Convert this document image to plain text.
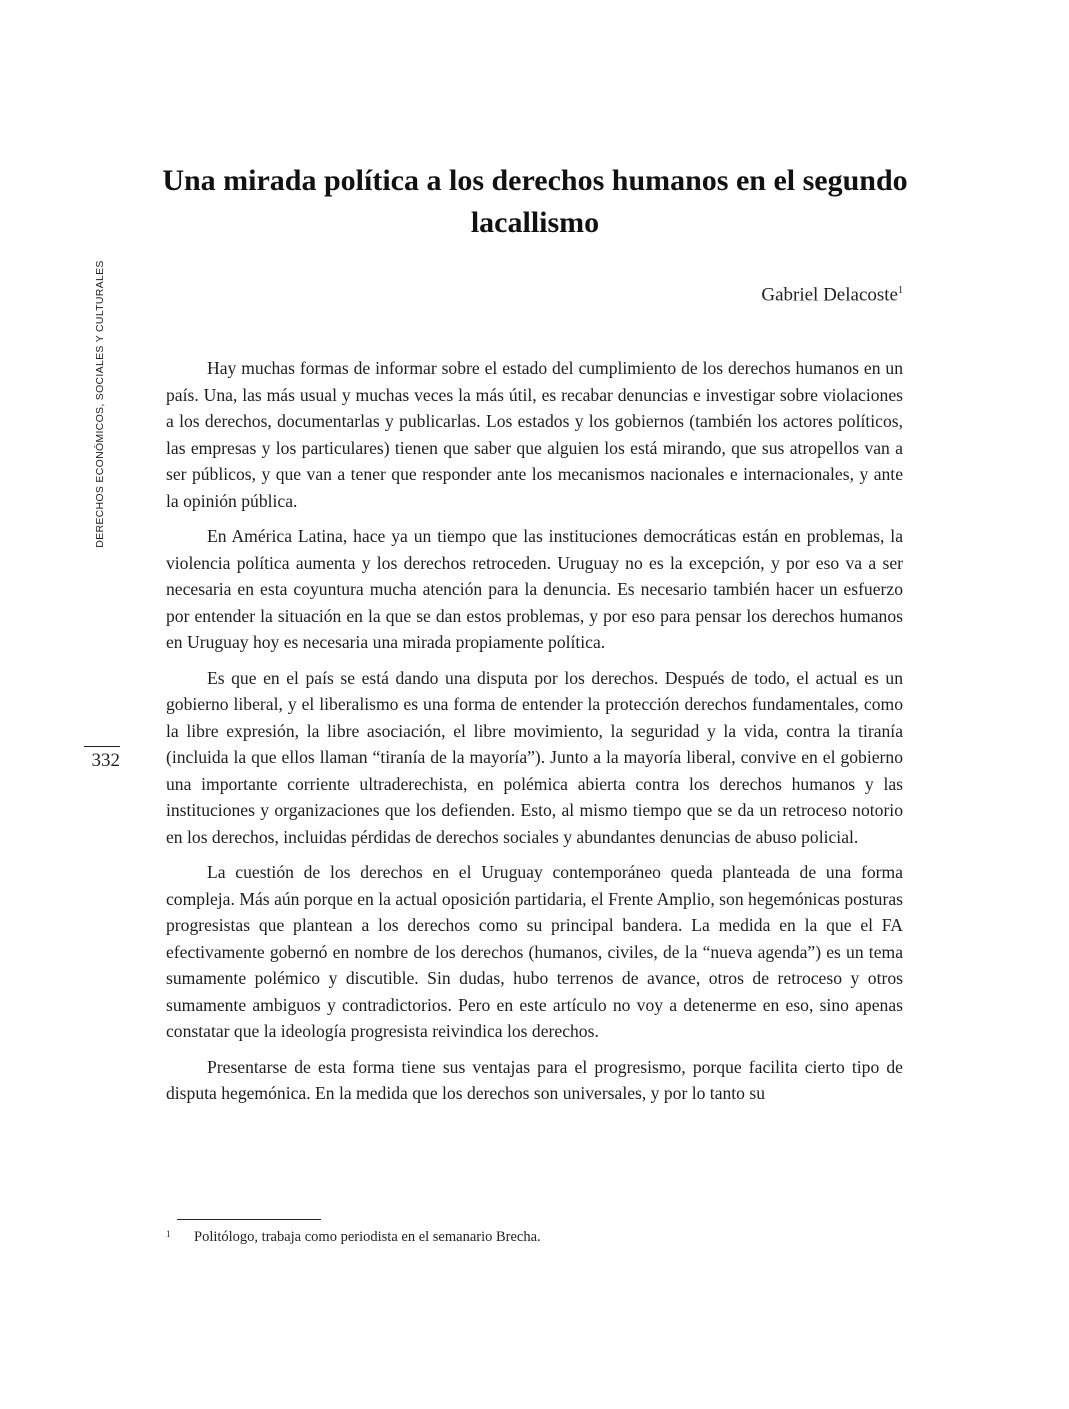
DERECHOS ECONÓMICOS, SOCIALES Y CULTURALES
332
Una mirada política a los derechos humanos en el segundo lacallismo
Gabriel Delacoste$^1$

Hay muchas formas de informar sobre el estado del cumplimiento de los derechos humanos en un país. Una, las más usual y muchas veces la más útil, es recabar denuncias e investigar sobre violaciones a los derechos, documentarlas y publicarlas. Los estados y los gobiernos (también los actores políticos, las empresas y los particulares) tienen que saber que alguien los está mirando, que sus atropellos van a ser públicos, y que van a tener que responder ante los mecanismos nacionales e internacionales, y ante la opinión pública.

En América Latina, hace ya un tiempo que las instituciones democráticas están en problemas, la violencia política aumenta y los derechos retroceden. Uruguay no es la excepción, y por eso va a ser necesaria en esta coyuntura mucha atención para la denuncia. Es necesario también hacer un esfuerzo por entender la situación en la que se dan estos problemas, y por eso para pensar los derechos humanos en Uruguay hoy es necesaria una mirada propiamente política.

Es que en el país se está dando una disputa por los derechos. Después de todo, el actual es un gobierno liberal, y el liberalismo es una forma de entender la protección derechos fundamentales, como la libre expresión, la libre asociación, el libre movimiento, la seguridad y la vida, contra la tiranía (incluida la que ellos llaman “tiranía de la mayoría”). Junto a la mayoría liberal, convive en el gobierno una importante corriente ultraderechista, en polémica abierta contra los derechos humanos y las instituciones y organizaciones que los defienden. Esto, al mismo tiempo que se da un retroceso notorio en los derechos, incluidas pérdidas de derechos sociales y abundantes denuncias de abuso policial.

La cuestión de los derechos en el Uruguay contemporáneo queda planteada de una forma compleja. Más aún porque en la actual oposición partidaria, el Frente Amplio, son hegemónicas posturas progresistas que plantean a los derechos como su principal bandera. La medida en la que el FA efectivamente gobernó en nombre de los derechos (humanos, civiles, de la “nueva agenda”) es un tema sumamente polémico y discutible. Sin dudas, hubo terrenos de avance, otros de retroceso y otros sumamente ambiguos y contradictorios. Pero en este artículo no voy a detenerme en eso, sino apenas constatar que la ideología progresista reivindica los derechos.

Presentarse de esta forma tiene sus ventajas para el progresismo, porque facilita cierto tipo de disputa hegemónica. En la medida que los derechos son universales, y por lo tanto su

1 Politólogo, trabaja como periodista en el semanario Brecha.
